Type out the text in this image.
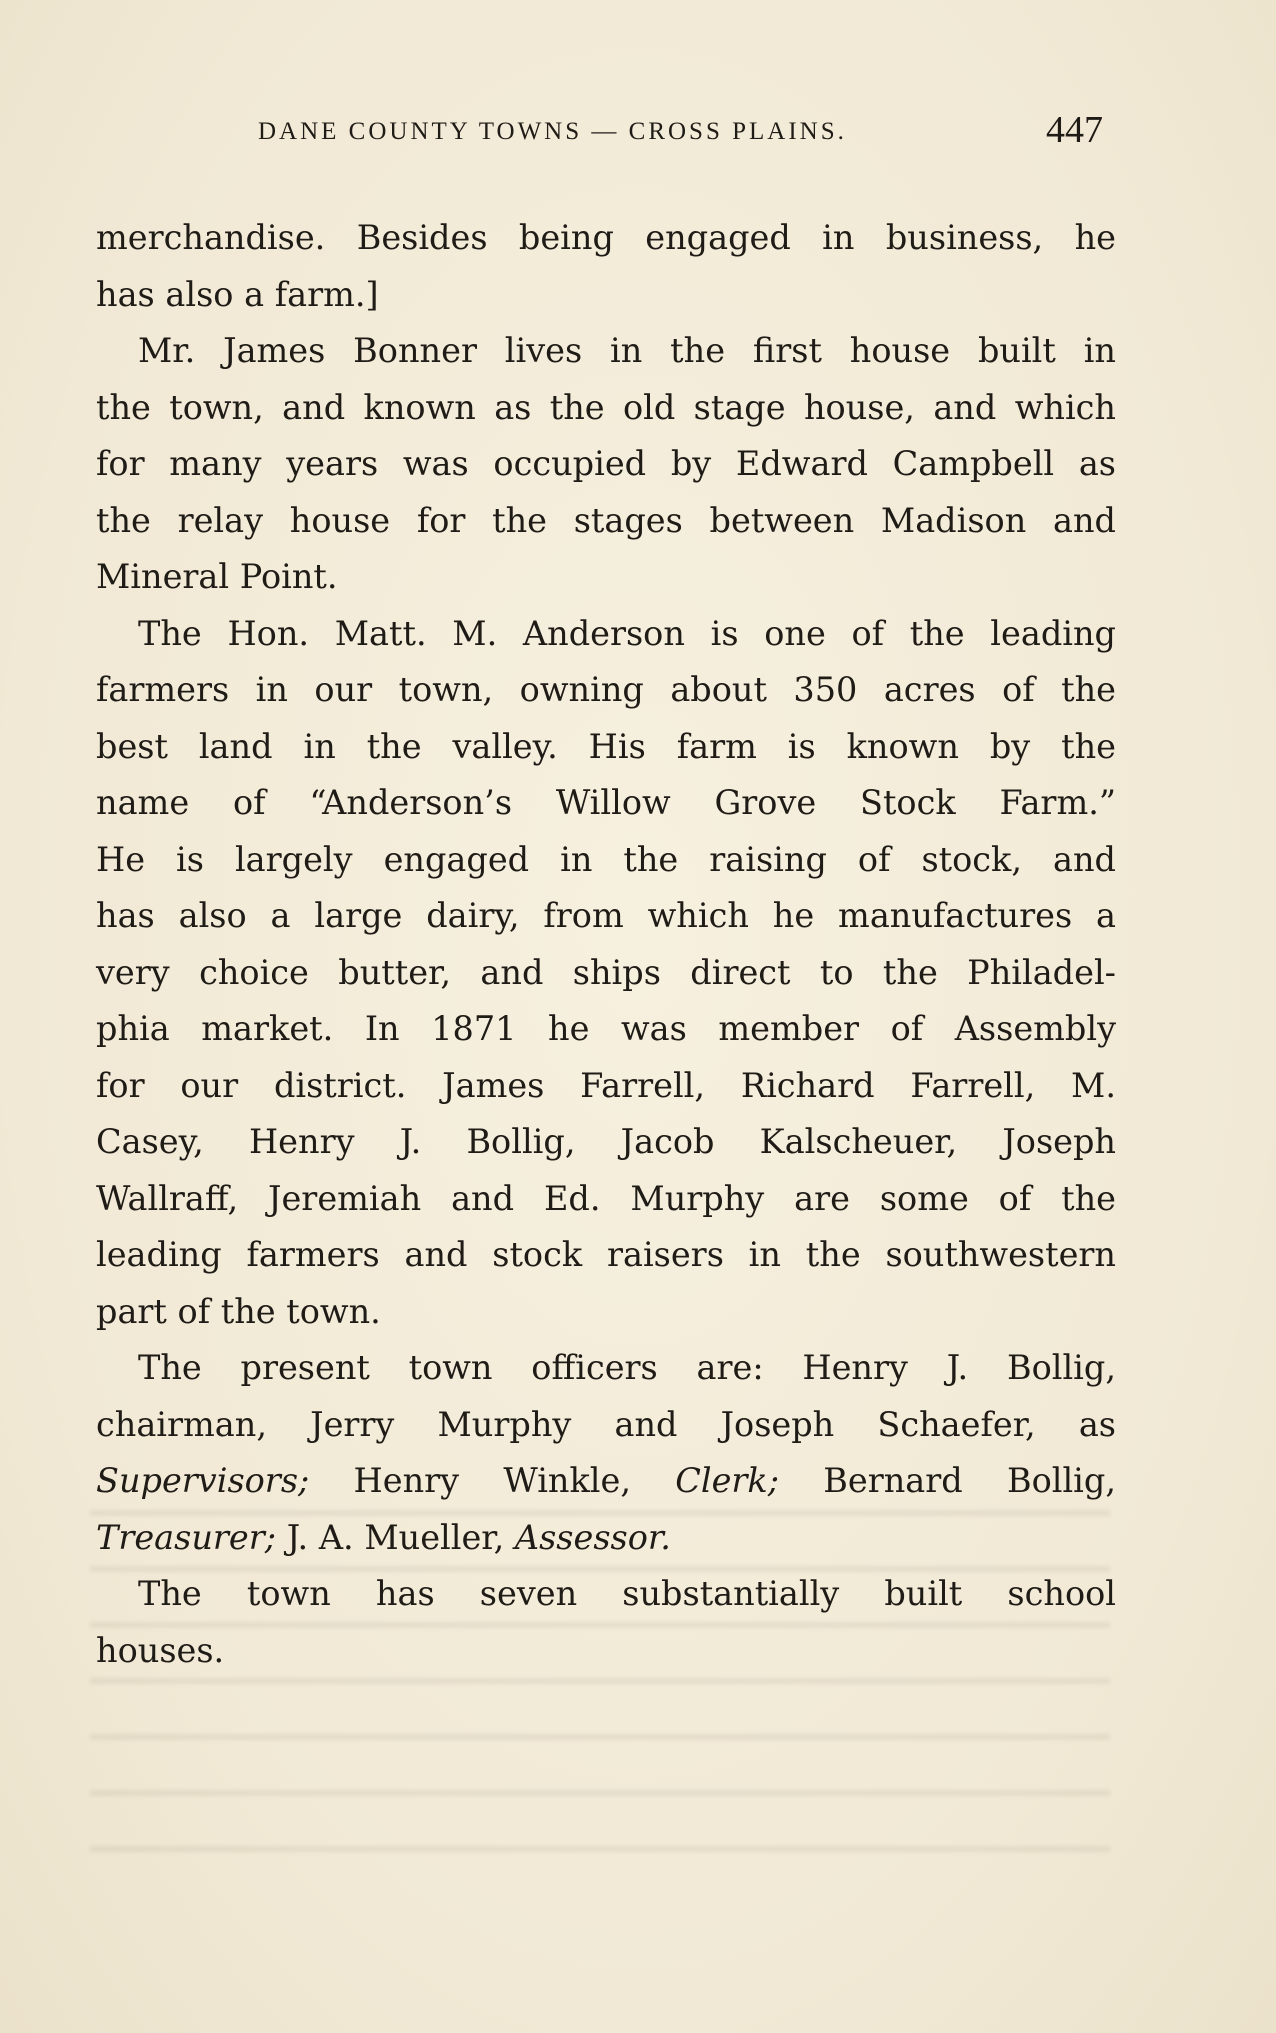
DANE COUNTY TOWNS — CROSS PLAINS.	447
merchandise. Besides being engaged in business, he
has also a farm.]
Mr. James Bonner lives in the first house built in
the town, and known as the old stage house, and which
for many years was occupied by Edward Campbell as
the relay house for the stages between Madison and
Mineral Point.
The Hon. Matt. M. Anderson is one of the leading
farmers in our town, owning about 350 acres of the
best land in the valley. His farm is known by the
name of “Anderson’s Willow Grove Stock Farm.”
He is largely engaged in the raising of stock, and
has also a large dairy, from which he manufactures a
very choice butter, and ships direct to the Philadel-
phia market. In 1871 he was member of Assembly
for our district. James Farrell, Richard Farrell, M.
Casey, Henry J. Bollig, Jacob Kalscheuer, Joseph
Wallraff, Jeremiah and Ed. Murphy are some of the
leading farmers and stock raisers in the southwestern
part of the town.
The present town officers are: Henry J. Bollig,
chairman, Jerry Murphy and Joseph Schaefer, as
Supervisors; Henry Winkle, Clerk; Bernard Bollig,
Treasurer; J. A. Mueller, Assessor.
The town has seven substantially built school
houses.
